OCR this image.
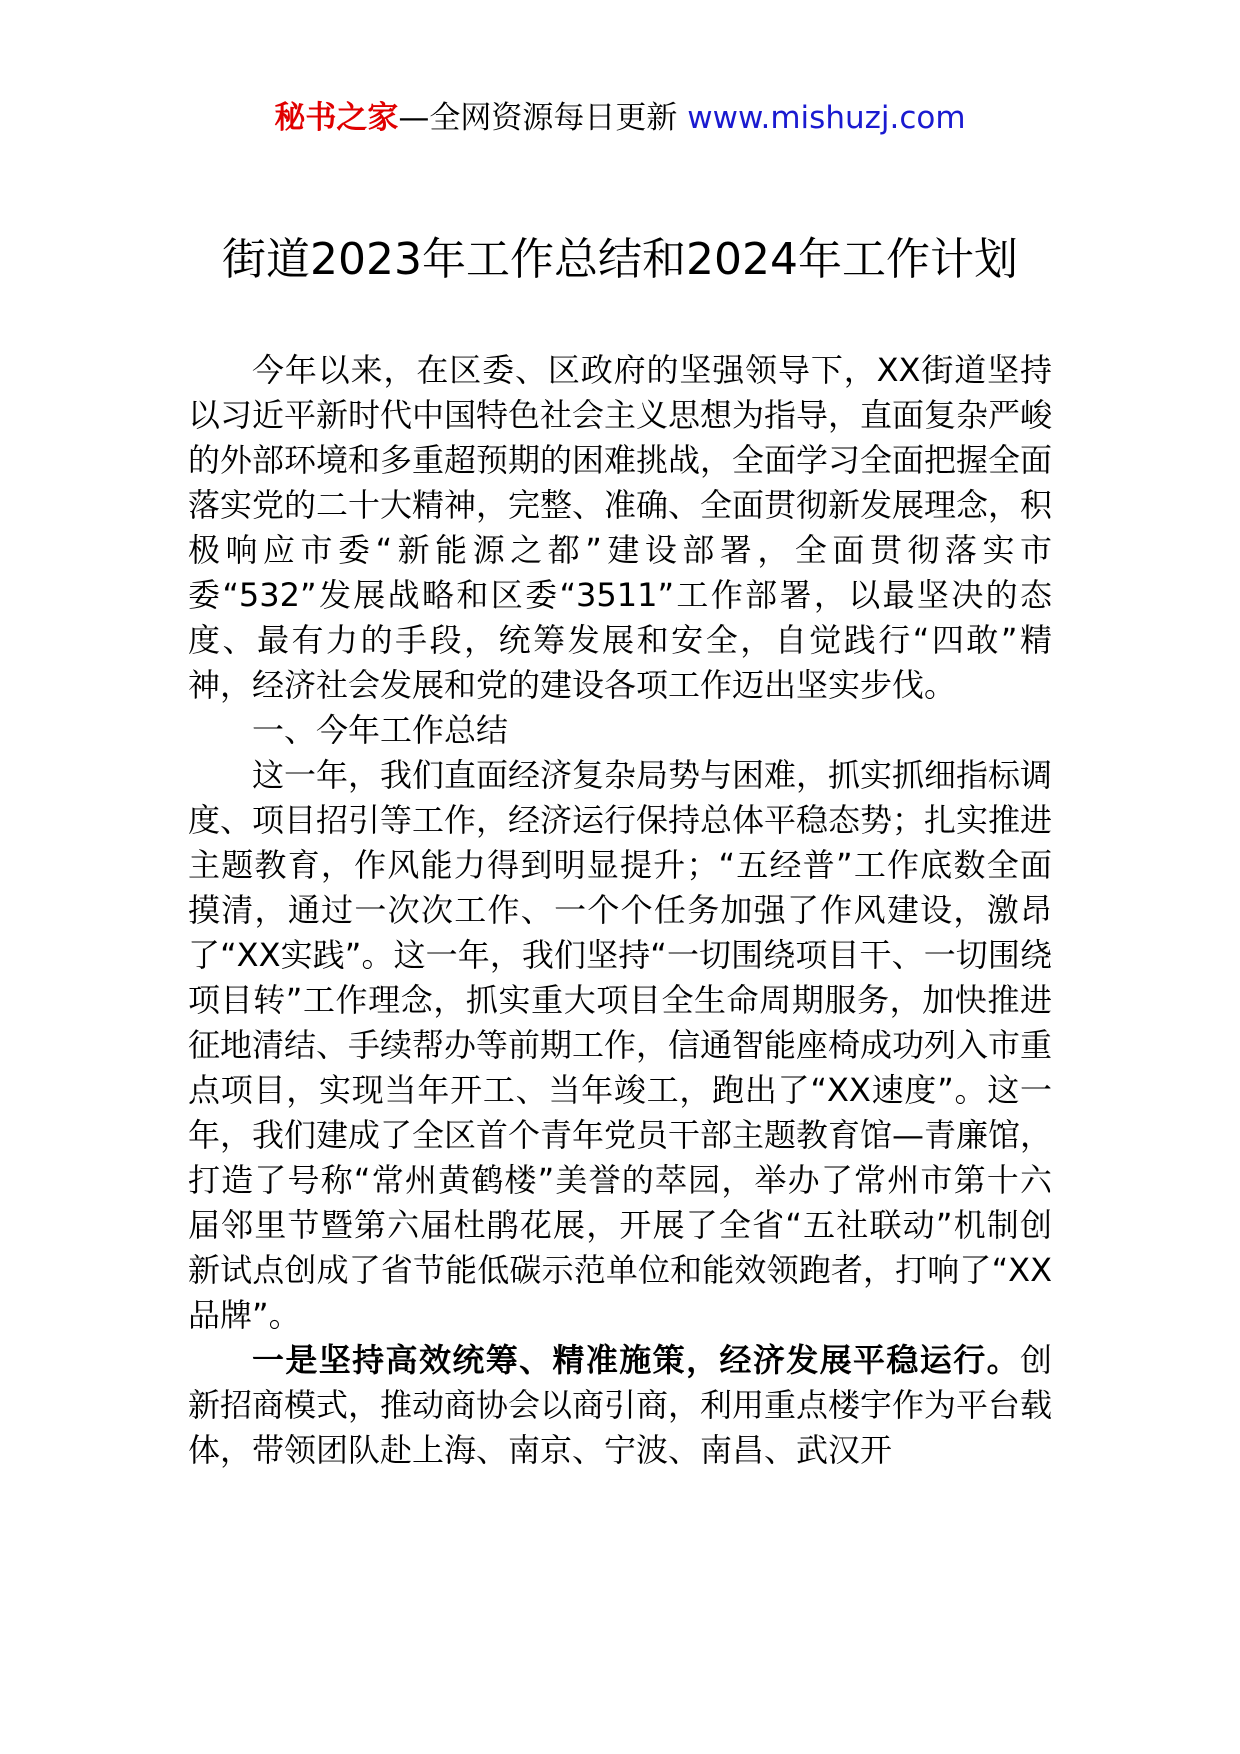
秘书之家—全网资源每日更新 www.mishuzj.com
街道2023年工作总结和2024年工作计划

今年以来，在区委、区政府的坚强领导下，XX街道坚持以习近平新时代中国特色社会主义思想为指导，直面复杂严峻的外部环境和多重超预期的困难挑战，全面学习全面把握全面落实党的二十大精神，完整、准确、全面贯彻新发展理念，积极响应市委“新能源之都”建设部署，全面贯彻落实市委“532”发展战略和区委“3511”工作部署，以最坚决的态度、最有力的手段，统筹发展和安全，自觉践行“四敢”精神，经济社会发展和党的建设各项工作迈出坚实步伐。

一、今年工作总结

这一年，我们直面经济复杂局势与困难，抓实抓细指标调度、项目招引等工作，经济运行保持总体平稳态势；扎实推进主题教育，作风能力得到明显提升；“五经普”工作底数全面摸清，通过一次次工作、一个个任务加强了作风建设，激昂了“XX实践”。这一年，我们坚持“一切围绕项目干、一切围绕项目转”工作理念，抓实重大项目全生命周期服务，加快推进征地清结、手续帮办等前期工作，信通智能座椅成功列入市重点项目，实现当年开工、当年竣工，跑出了“XX速度”。这一年，我们建成了全区首个青年党员干部主题教育馆—青廉馆，打造了号称“常州黄鹤楼”美誉的萃园，举办了常州市第十六届邻里节暨第六届杜鹃花展，开展了全省“五社联动”机制创新试点创成了省节能低碳示范单位和能效领跑者，打响了“XX品牌”。

一是坚持高效统筹、精准施策，经济发展平稳运行。创新招商模式，推动商协会以商引商，利用重点楼宇作为平台载体，带领团队赴上海、南京、宁波、南昌、武汉开
